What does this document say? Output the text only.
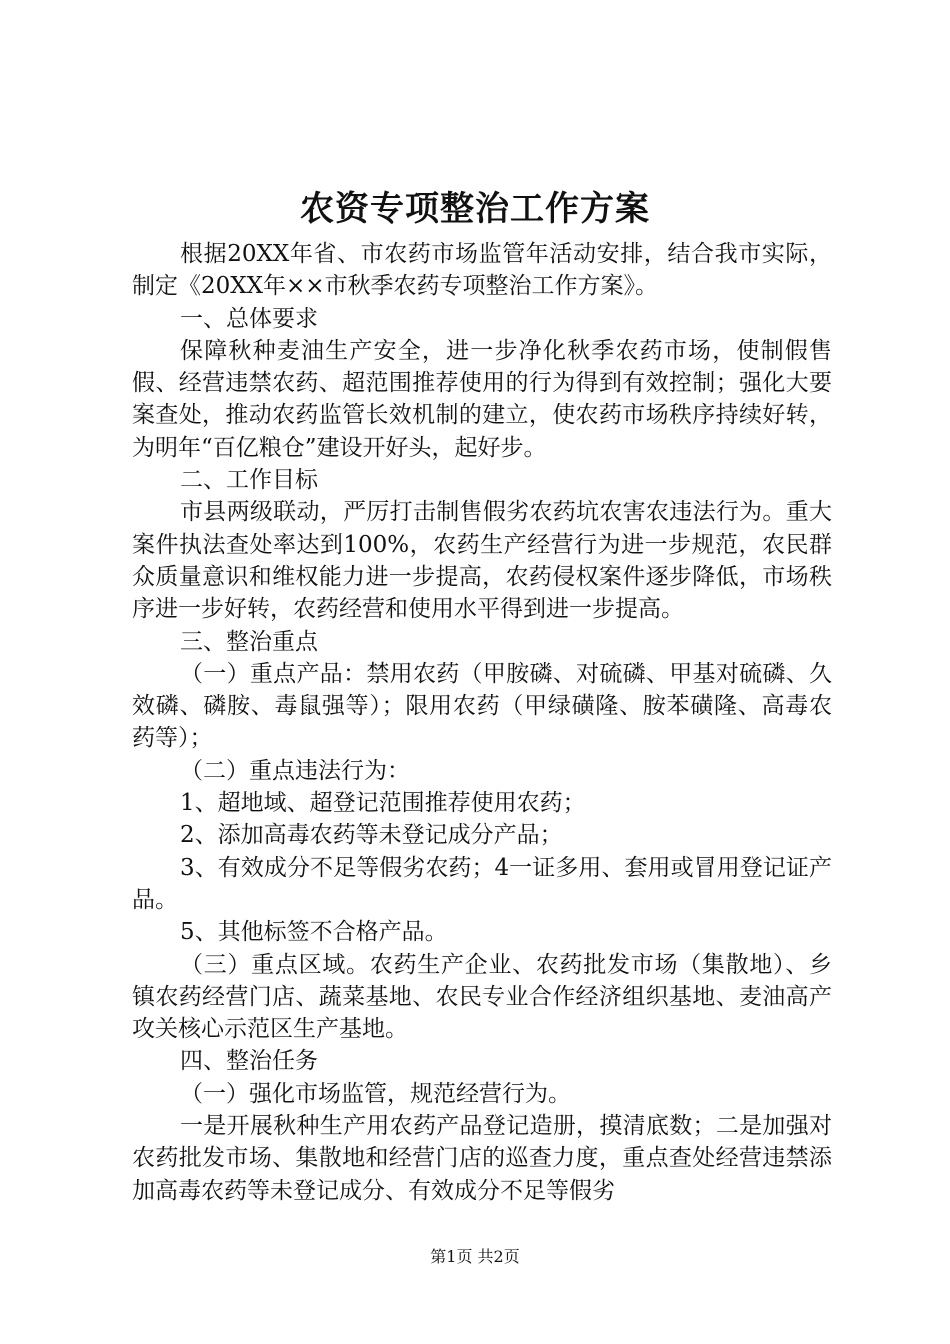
农资专项整治工作方案

根据20XX年省、市农药市场监管年活动安排，结合我市实际，制定《20XX年××市秋季农药专项整治工作方案》。

一、总体要求

保障秋种麦油生产安全，进一步净化秋季农药市场，使制假售假、经营违禁农药、超范围推荐使用的行为得到有效控制；强化大要案查处，推动农药监管长效机制的建立，使农药市场秩序持续好转，为明年“百亿粮仓”建设开好头，起好步。

二、工作目标

市县两级联动，严厉打击制售假劣农药坑农害农违法行为。重大案件执法查处率达到100%，农药生产经营行为进一步规范，农民群众质量意识和维权能力进一步提高，农药侵权案件逐步降低，市场秩序进一步好转，农药经营和使用水平得到进一步提高。

三、整治重点

（一）重点产品：禁用农药（甲胺磷、对硫磷、甲基对硫磷、久效磷、磷胺、毒鼠强等）；限用农药（甲绿磺隆、胺苯磺隆、高毒农药等）；

（二）重点违法行为：

1、超地域、超登记范围推荐使用农药；

2、添加高毒农药等未登记成分产品；

3、有效成分不足等假劣农药；4一证多用、套用或冒用登记证产品。

5、其他标签不合格产品。

（三）重点区域。农药生产企业、农药批发市场（集散地）、乡镇农药经营门店、蔬菜基地、农民专业合作经济组织基地、麦油高产攻关核心示范区生产基地。

四、整治任务

（一）强化市场监管，规范经营行为。

一是开展秋种生产用农药产品登记造册，摸清底数；二是加强对农药批发市场、集散地和经营门店的巡查力度，重点查处经营违禁添加高毒农药等未登记成分、有效成分不足等假劣

第1页 共2页
